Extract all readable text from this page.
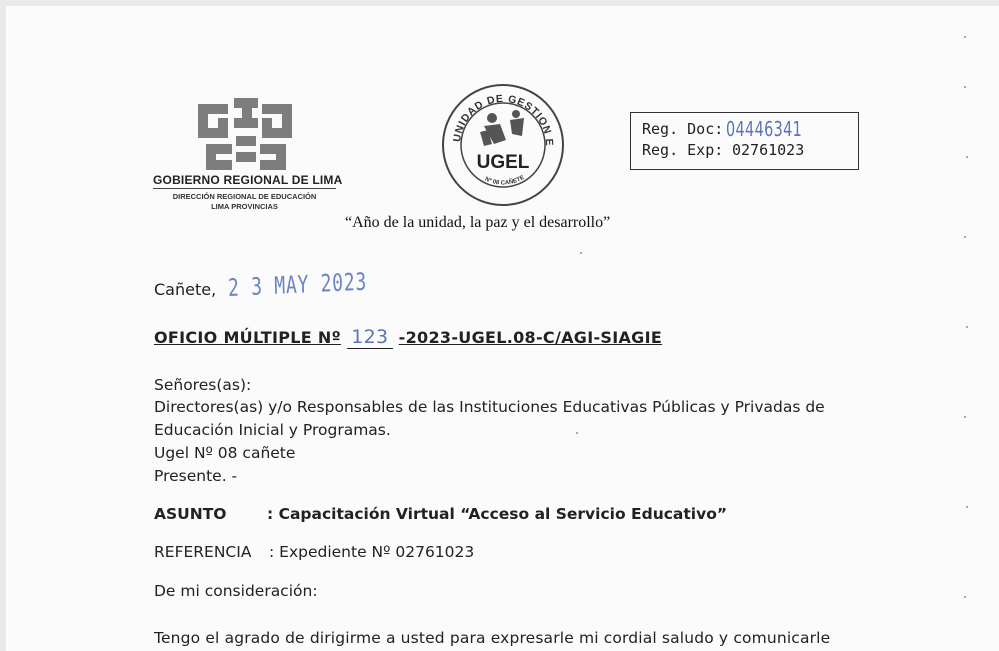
GOBIERNO REGIONAL DE LIMA
DIRECCIÓN REGIONAL DE EDUCACIÓN
LIMA PROVINCIAS
UNIDAD DE GESTION E
Nº 08 CAÑETE
UGEL
Reg. Doc: 04446341
Reg. Exp: 02761023
“Año de la unidad, la paz y el desarrollo”
Cañete, 2 3 MAY 2023
OFICIO MÚLTIPLE Nº 123 -2023-UGEL.08-C/AGI-SIAGIE
Señores(as):
Directores(as) y/o Responsables de las Instituciones Educativas Públicas y Privadas de
Educación Inicial y Programas.
Ugel Nº 08 cañete
Presente. -
ASUNTO	: Capacitación Virtual “Acceso al Servicio Educativo”
REFERENCIA : Expediente Nº 02761023
De mi consideración:
Tengo el agrado de dirigirme a usted para expresarle mi cordial saludo y comunicarle
